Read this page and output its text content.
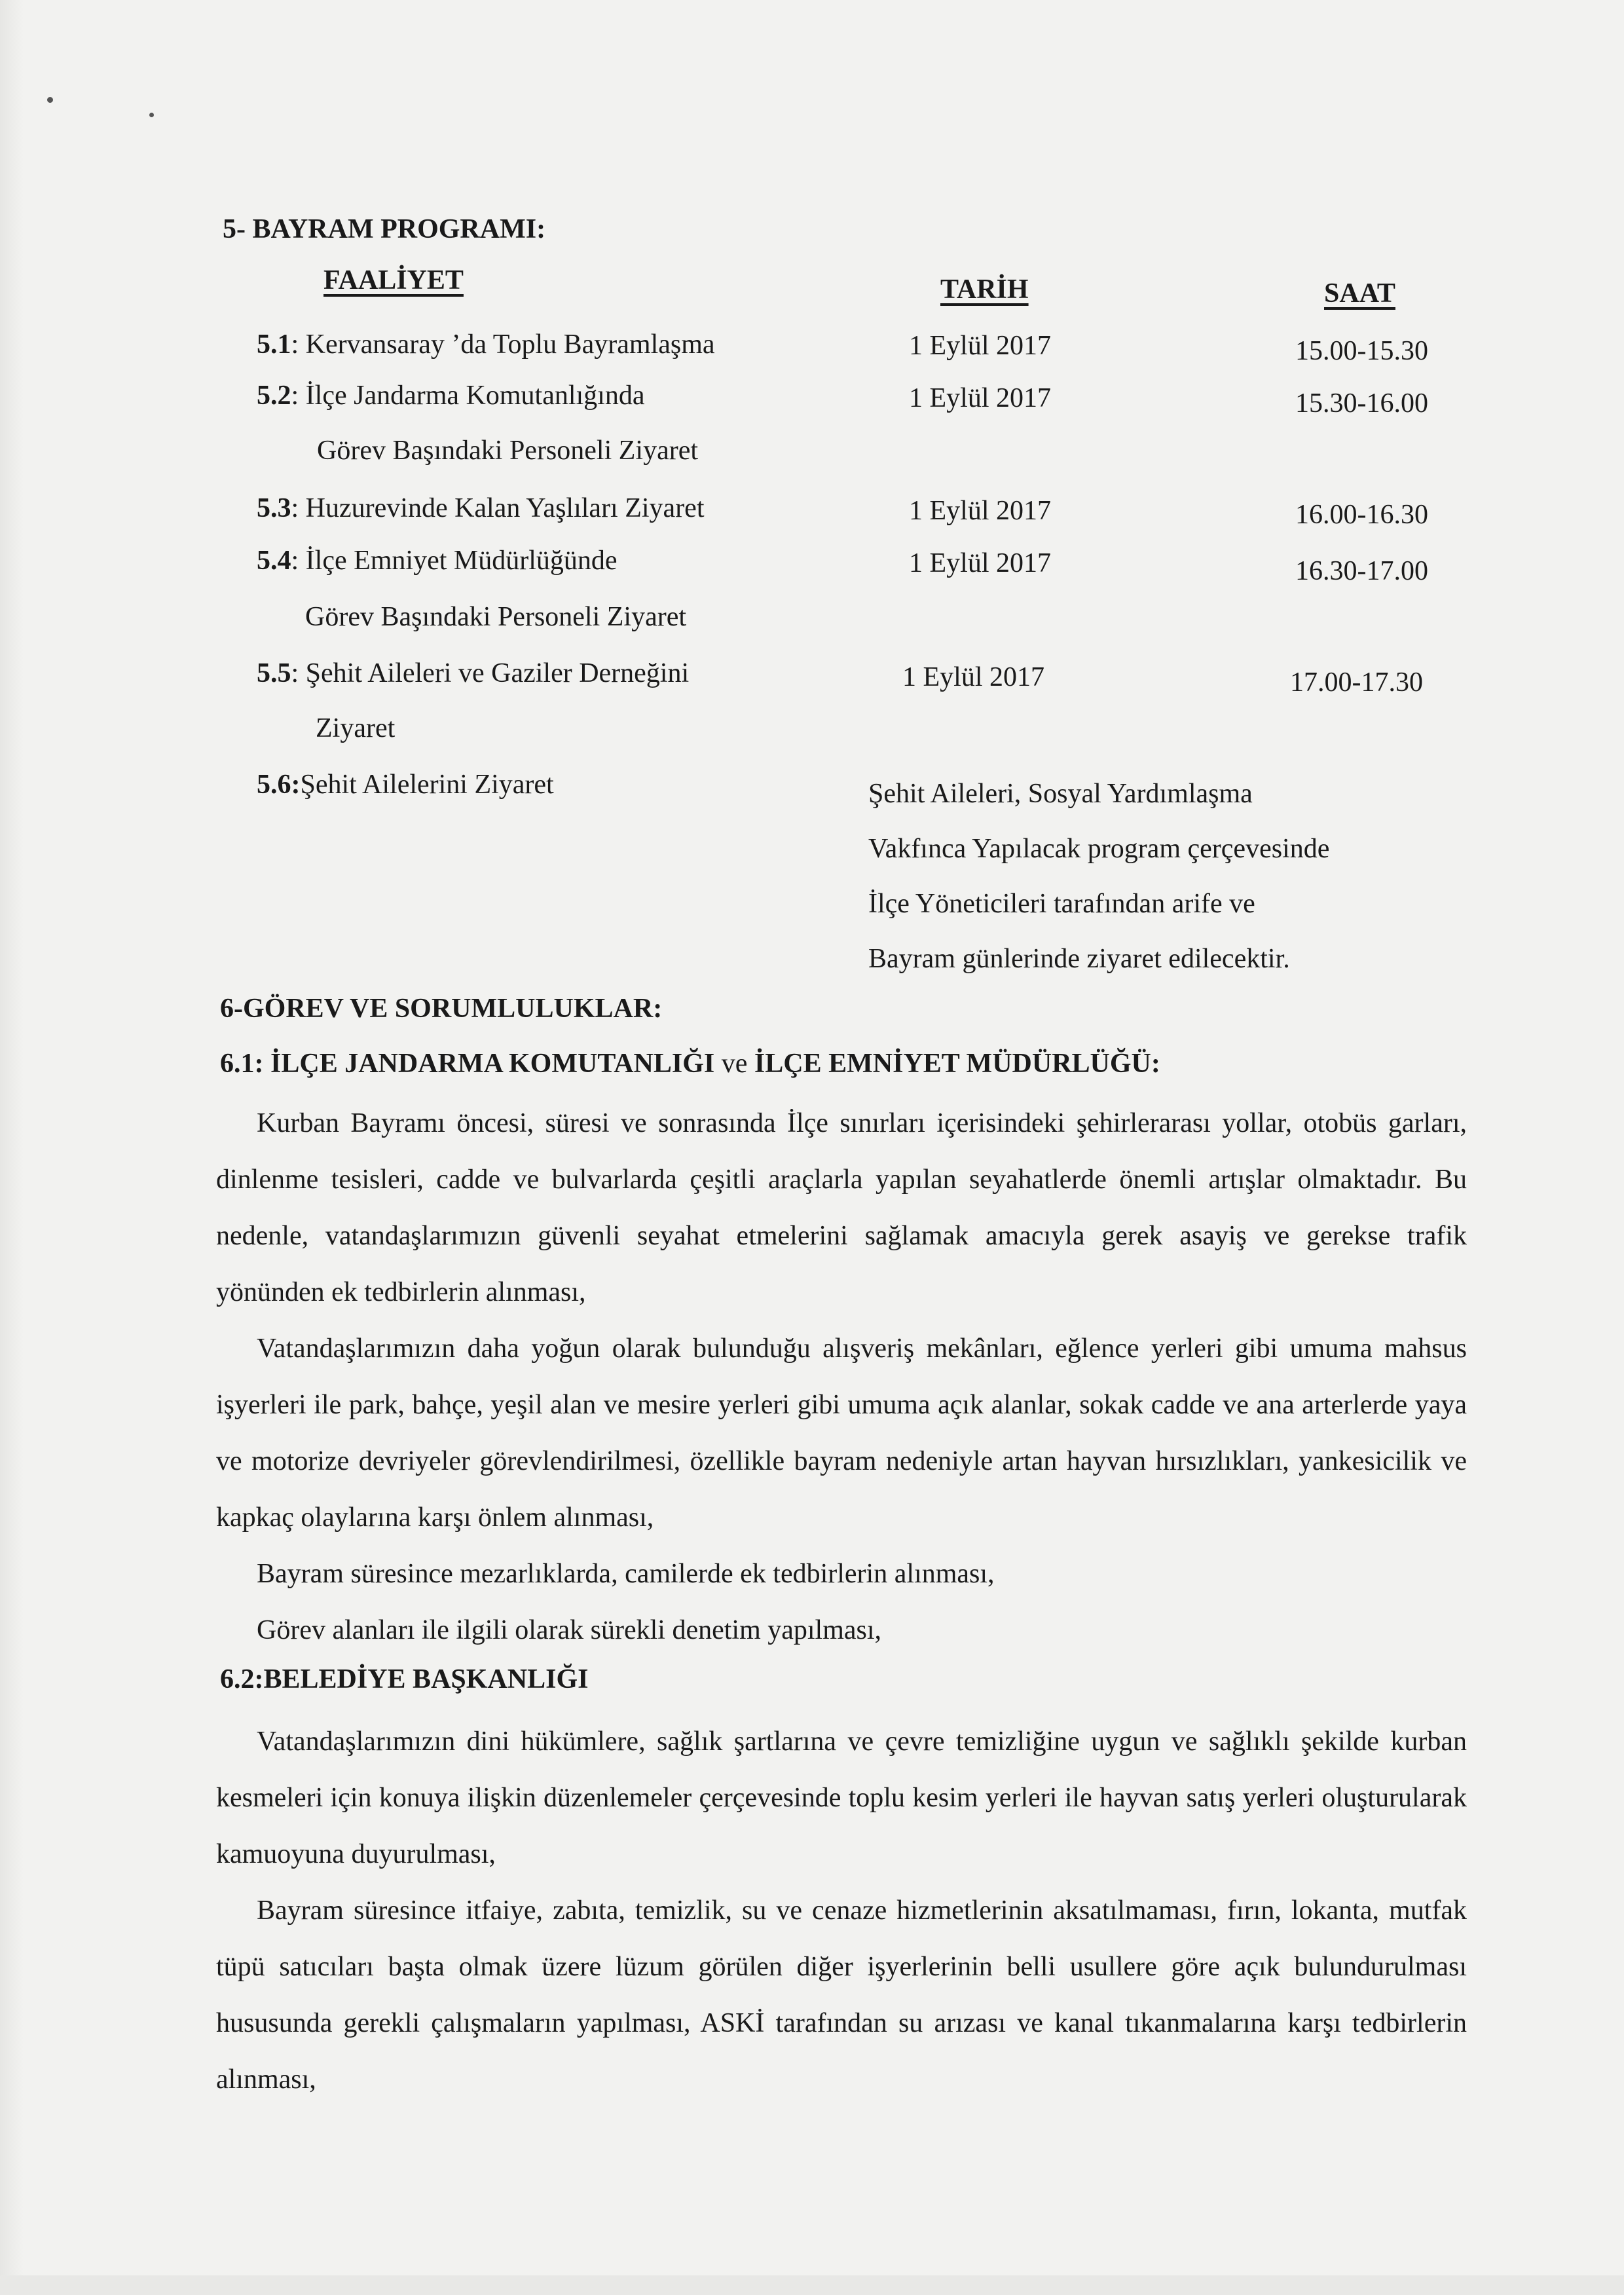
5- BAYRAM PROGRAMI:
FAALİYET	TARİH	SAAT
5.1: Kervansaray ’da Toplu Bayramlaşma	1 Eylül 2017	15.00-15.30
5.2: İlçe Jandarma Komutanlığında
Görev Başındaki Personeli Ziyaret
1 Eylül 2017	15.30-16.00
5.3: Huzurevinde Kalan Yaşlıları Ziyaret	1 Eylül 2017	16.00-16.30
5.4: İlçe Emniyet Müdürlüğünde
Görev Başındaki Personeli Ziyaret
1 Eylül 2017	16.30-17.00
5.5: Şehit Aileleri ve Gaziler Derneğini
Ziyaret
1 Eylül 2017	17.00-17.30
5.6:Şehit Ailelerini Ziyaret	Şehit Aileleri, Sosyal Yardımlaşma
Vakfınca Yapılacak program çerçevesinde
İlçe Yöneticileri tarafından arife ve
Bayram günlerinde ziyaret edilecektir.
6-GÖREV VE SORUMLULUKLAR:
6.1: İLÇE JANDARMA KOMUTANLIĞI ve İLÇE EMNİYET MÜDÜRLÜĞÜ:

Kurban Bayramı öncesi, süresi ve sonrasında İlçe sınırları içerisindeki şehirlerarası yollar, otobüs garları, dinlenme tesisleri, cadde ve bulvarlarda çeşitli araçlarla yapılan seyahatlerde önemli artışlar olmaktadır. Bu nedenle, vatandaşlarımızın güvenli seyahat etmelerini sağlamak amacıyla gerek asayiş ve gerekse trafik yönünden ek tedbirlerin alınması,

Vatandaşlarımızın daha yoğun olarak bulunduğu alışveriş mekânları, eğlence yerleri gibi umuma mahsus işyerleri ile park, bahçe, yeşil alan ve mesire yerleri gibi umuma açık alanlar, sokak cadde ve ana arterlerde yaya ve motorize devriyeler görevlendirilmesi, özellikle bayram nedeniyle artan hayvan hırsızlıkları, yankesicilik ve kapkaç olaylarına karşı önlem alınması,

Bayram süresince mezarlıklarda, camilerde ek tedbirlerin alınması,

Görev alanları ile ilgili olarak sürekli denetim yapılması,

6.2:BELEDİYE BAŞKANLIĞI

Vatandaşlarımızın dini hükümlere, sağlık şartlarına ve çevre temizliğine uygun ve sağlıklı şekilde kurban kesmeleri için konuya ilişkin düzenlemeler çerçevesinde toplu kesim yerleri ile hayvan satış yerleri oluşturularak kamuoyuna duyurulması,

Bayram süresince itfaiye, zabıta, temizlik, su ve cenaze hizmetlerinin aksatılmaması, fırın, lokanta, mutfak tüpü satıcıları başta olmak üzere lüzum görülen diğer işyerlerinin belli usullere göre açık bulundurulması hususunda gerekli çalışmaların yapılması, ASKİ tarafından su arızası ve kanal tıkanmalarına karşı tedbirlerin alınması,
